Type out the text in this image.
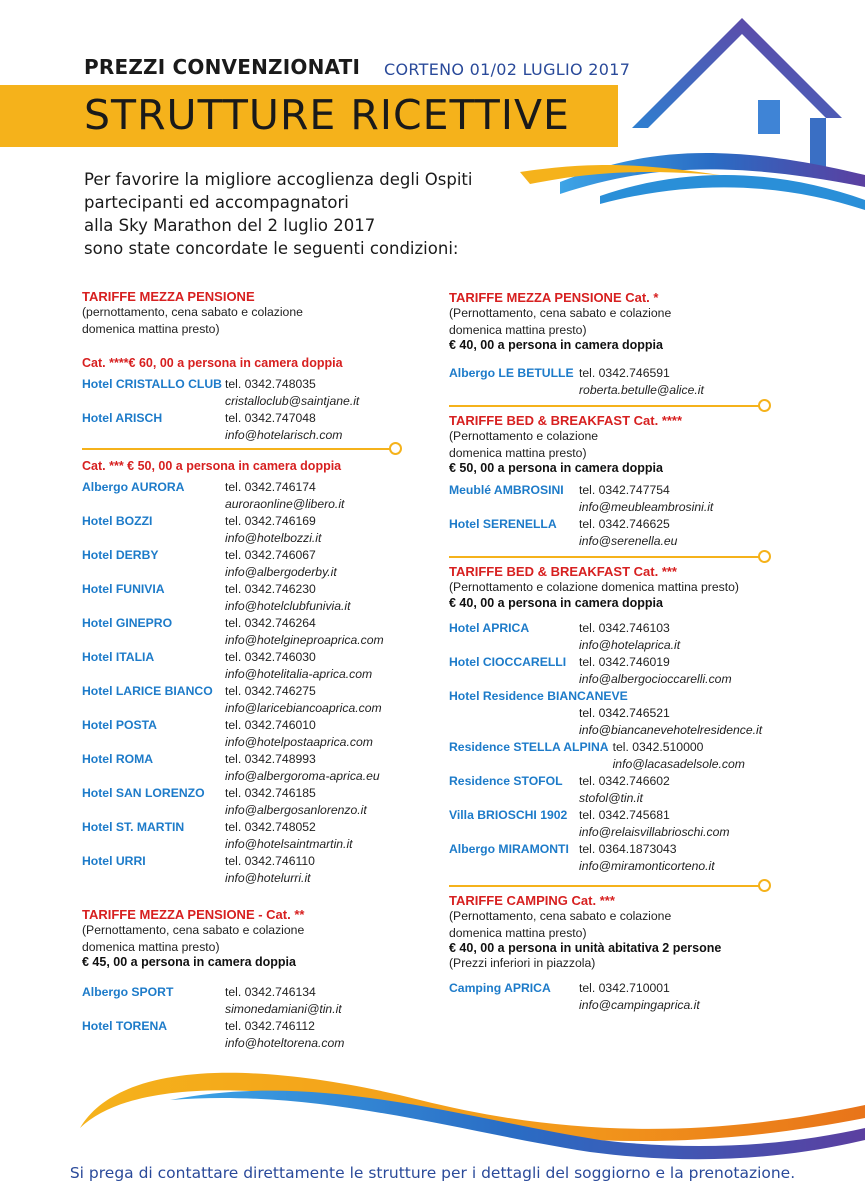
PREZZI CONVENZIONATI CORTENO 01/02 LUGLIO 2017
STRUTTURE RICETTIVE
Per favorire la migliore accoglienza degli Ospiti
partecipanti ed accompagnatori
alla Sky Marathon del 2 luglio 2017
sono state concordate le seguenti condizioni:
TARIFFE MEZZA PENSIONE
(pernottamento, cena sabato e colazione
domenica mattina presto)
Cat. ****€ 60, 00 a persona in camera doppia
Hotel CRISTALLO CLUB tel. 0342.748035
cristalloclub@saintjane.it
Hotel ARISCH	tel. 0342.747048
info@hotelarisch.com
Cat. *** € 50, 00 a persona in camera doppia
Albergo AURORA	tel. 0342.746174
auroraonline@libero.it
Hotel BOZZI	tel. 0342.746169
info@hotelbozzi.it
Hotel DERBY	tel. 0342.746067
info@albergoderby.it
Hotel FUNIVIA	tel. 0342.746230
info@hotelclubfunivia.it
Hotel GINEPRO	tel. 0342.746264
info@hotelgineproaprica.com
Hotel ITALIA	tel. 0342.746030
info@hotelitalia-aprica.com
Hotel LARICE BIANCO	tel. 0342.746275
info@laricebiancoaprica.com
Hotel POSTA	tel. 0342.746010
info@hotelpostaaprica.com
Hotel ROMA	tel. 0342.748993
info@albergoroma-aprica.eu
Hotel SAN LORENZO	tel. 0342.746185
info@albergosanlorenzo.it
Hotel ST. MARTIN	tel. 0342.748052
info@hotelsaintmartin.it
Hotel URRI	tel. 0342.746110
info@hotelurri.it
TARIFFE MEZZA PENSIONE - Cat. **
(Pernottamento, cena sabato e colazione
domenica mattina presto)
€ 45, 00 a persona in camera doppia
Albergo SPORT	tel. 0342.746134
simonedamiani@tin.it
Hotel TORENA	tel. 0342.746112
info@hoteltorena.com
TARIFFE MEZZA PENSIONE Cat. *
(Pernottamento, cena sabato e colazione
domenica mattina presto)
€ 40, 00 a persona in camera doppia
Albergo LE BETULLE tel. 0342.746591
roberta.betulle@alice.it
TARIFFE BED & BREAKFAST Cat. ****
(Pernottamento e colazione
domenica mattina presto)
€ 50, 00 a persona in camera doppia
Meublé AMBROSINI	tel. 0342.747754
info@meubleambrosini.it
Hotel SERENELLA	tel. 0342.746625
info@serenella.eu
TARIFFE BED & BREAKFAST Cat. ***
(Pernottamento e colazione domenica mattina presto)
€ 40, 00 a persona in camera doppia
Hotel APRICA	tel. 0342.746103
info@hotelaprica.it
Hotel CIOCCARELLI	tel. 0342.746019
info@albergocioccarelli.com
Hotel Residence BIANCANEVE
tel. 0342.746521
info@biancanevehotelresidence.it
Residence STELLA ALPINA tel. 0342.510000
info@lacasadelsole.com
Residence STOFOL	tel. 0342.746602
stofol@tin.it
Villa BRIOSCHI 1902 tel. 0342.745681
info@relaisvillabrioschi.com
Albergo MIRAMONTI tel. 0364.1873043
info@miramonticorteno.it
TARIFFE CAMPING Cat. ***
(Pernottamento, cena sabato e colazione
domenica mattina presto)
€ 40, 00 a persona in unità abitativa 2 persone
(Prezzi inferiori in piazzola)
Camping APRICA	tel. 0342.710001
info@campingaprica.it
Si prega di contattare direttamente le strutture per i dettagli del soggiorno e la prenotazione.
